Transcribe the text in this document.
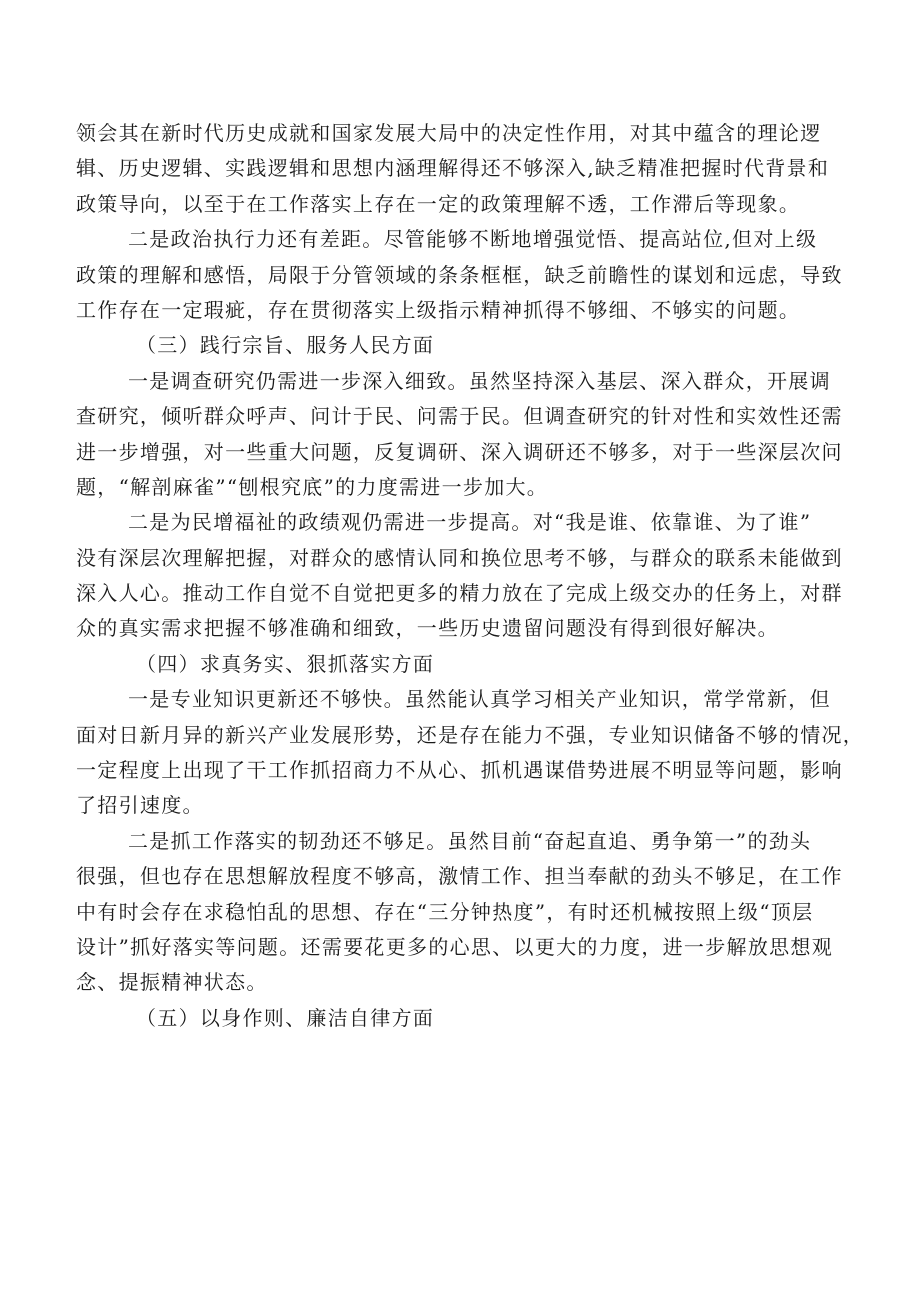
领会其在新时代历史成就和国家发展大局中的决定性作用，对其中蕴含的理论逻
辑、历史逻辑、实践逻辑和思想内涵理解得还不够深入,缺乏精准把握时代背景和
政策导向，以至于在工作落实上存在一定的政策理解不透，工作滞后等现象。
二是政治执行力还有差距。尽管能够不断地增强觉悟、提高站位,但对上级
政策的理解和感悟，局限于分管领域的条条框框，缺乏前瞻性的谋划和远虑，导致
工作存在一定瑕疵，存在贯彻落实上级指示精神抓得不够细、不够实的问题。
（三）践行宗旨、服务人民方面
一是调查研究仍需进一步深入细致。虽然坚持深入基层、深入群众，开展调
查研究，倾听群众呼声、问计于民、问需于民。但调查研究的针对性和实效性还需
进一步增强，对一些重大问题，反复调研、深入调研还不够多，对于一些深层次问
题，“解剖麻雀”“刨根究底”的力度需进一步加大。
二是为民增福祉的政绩观仍需进一步提高。对“我是谁、依靠谁、为了谁”
没有深层次理解把握，对群众的感情认同和换位思考不够，与群众的联系未能做到
深入人心。推动工作自觉不自觉把更多的精力放在了完成上级交办的任务上，对群
众的真实需求把握不够准确和细致，一些历史遗留问题没有得到很好解决。
（四）求真务实、狠抓落实方面
一是专业知识更新还不够快。虽然能认真学习相关产业知识，常学常新，但
面对日新月异的新兴产业发展形势，还是存在能力不强，专业知识储备不够的情况，
一定程度上出现了干工作抓招商力不从心、抓机遇谋借势进展不明显等问题，影响
了招引速度。
二是抓工作落实的韧劲还不够足。虽然目前“奋起直追、勇争第一”的劲头
很强，但也存在思想解放程度不够高，激情工作、担当奉献的劲头不够足，在工作
中有时会存在求稳怕乱的思想、存在“三分钟热度”，有时还机械按照上级“顶层
设计”抓好落实等问题。还需要花更多的心思、以更大的力度，进一步解放思想观
念、提振精神状态。
（五）以身作则、廉洁自律方面
